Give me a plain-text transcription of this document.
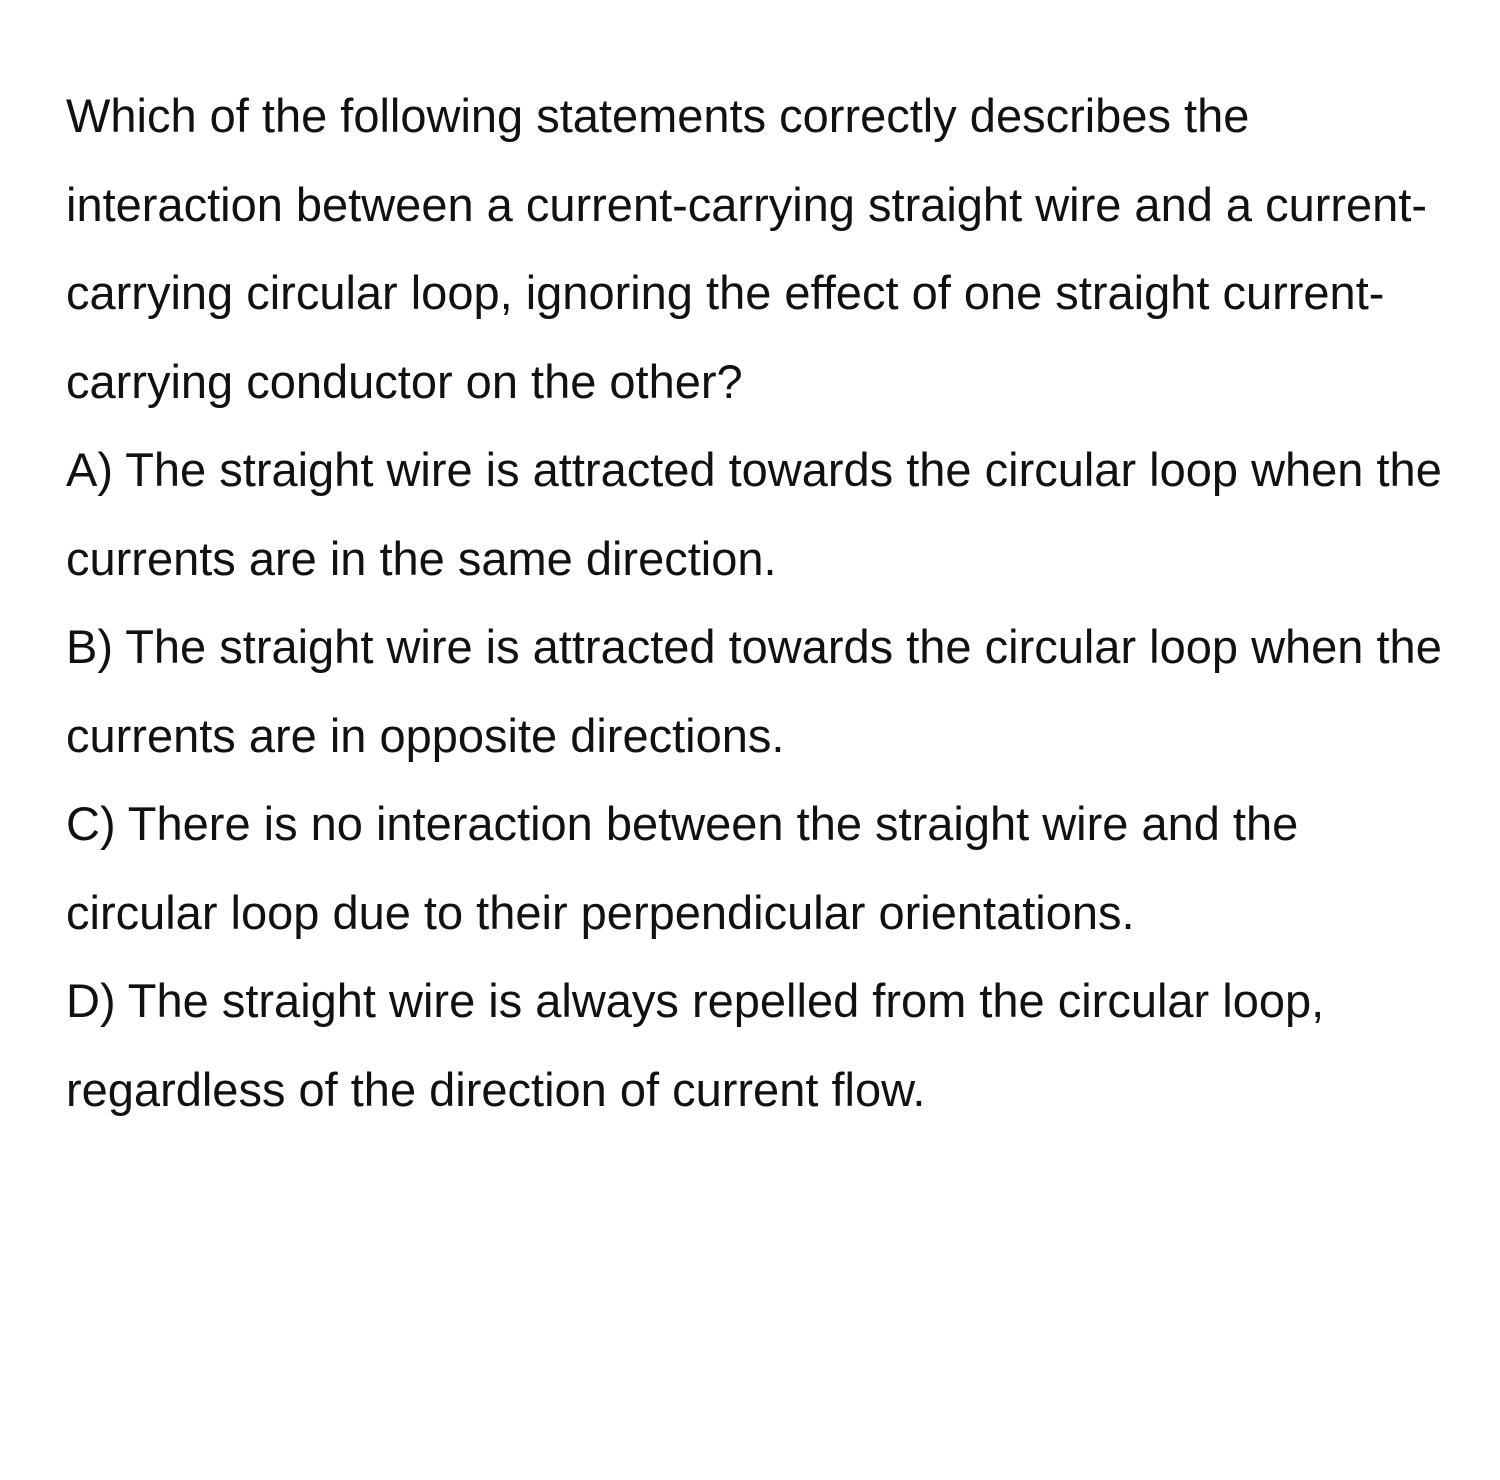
Which of the following statements correctly describes the interaction between a current-carrying straight wire and a current-carrying circular loop, ignoring the effect of one straight current-carrying conductor on the other?

A) The straight wire is attracted towards the circular loop when the currents are in the same direction.

B) The straight wire is attracted towards the circular loop when the currents are in opposite directions.

C) There is no interaction between the straight wire and the circular loop due to their perpendicular orientations.

D) The straight wire is always repelled from the circular loop, regardless of the direction of current flow.
